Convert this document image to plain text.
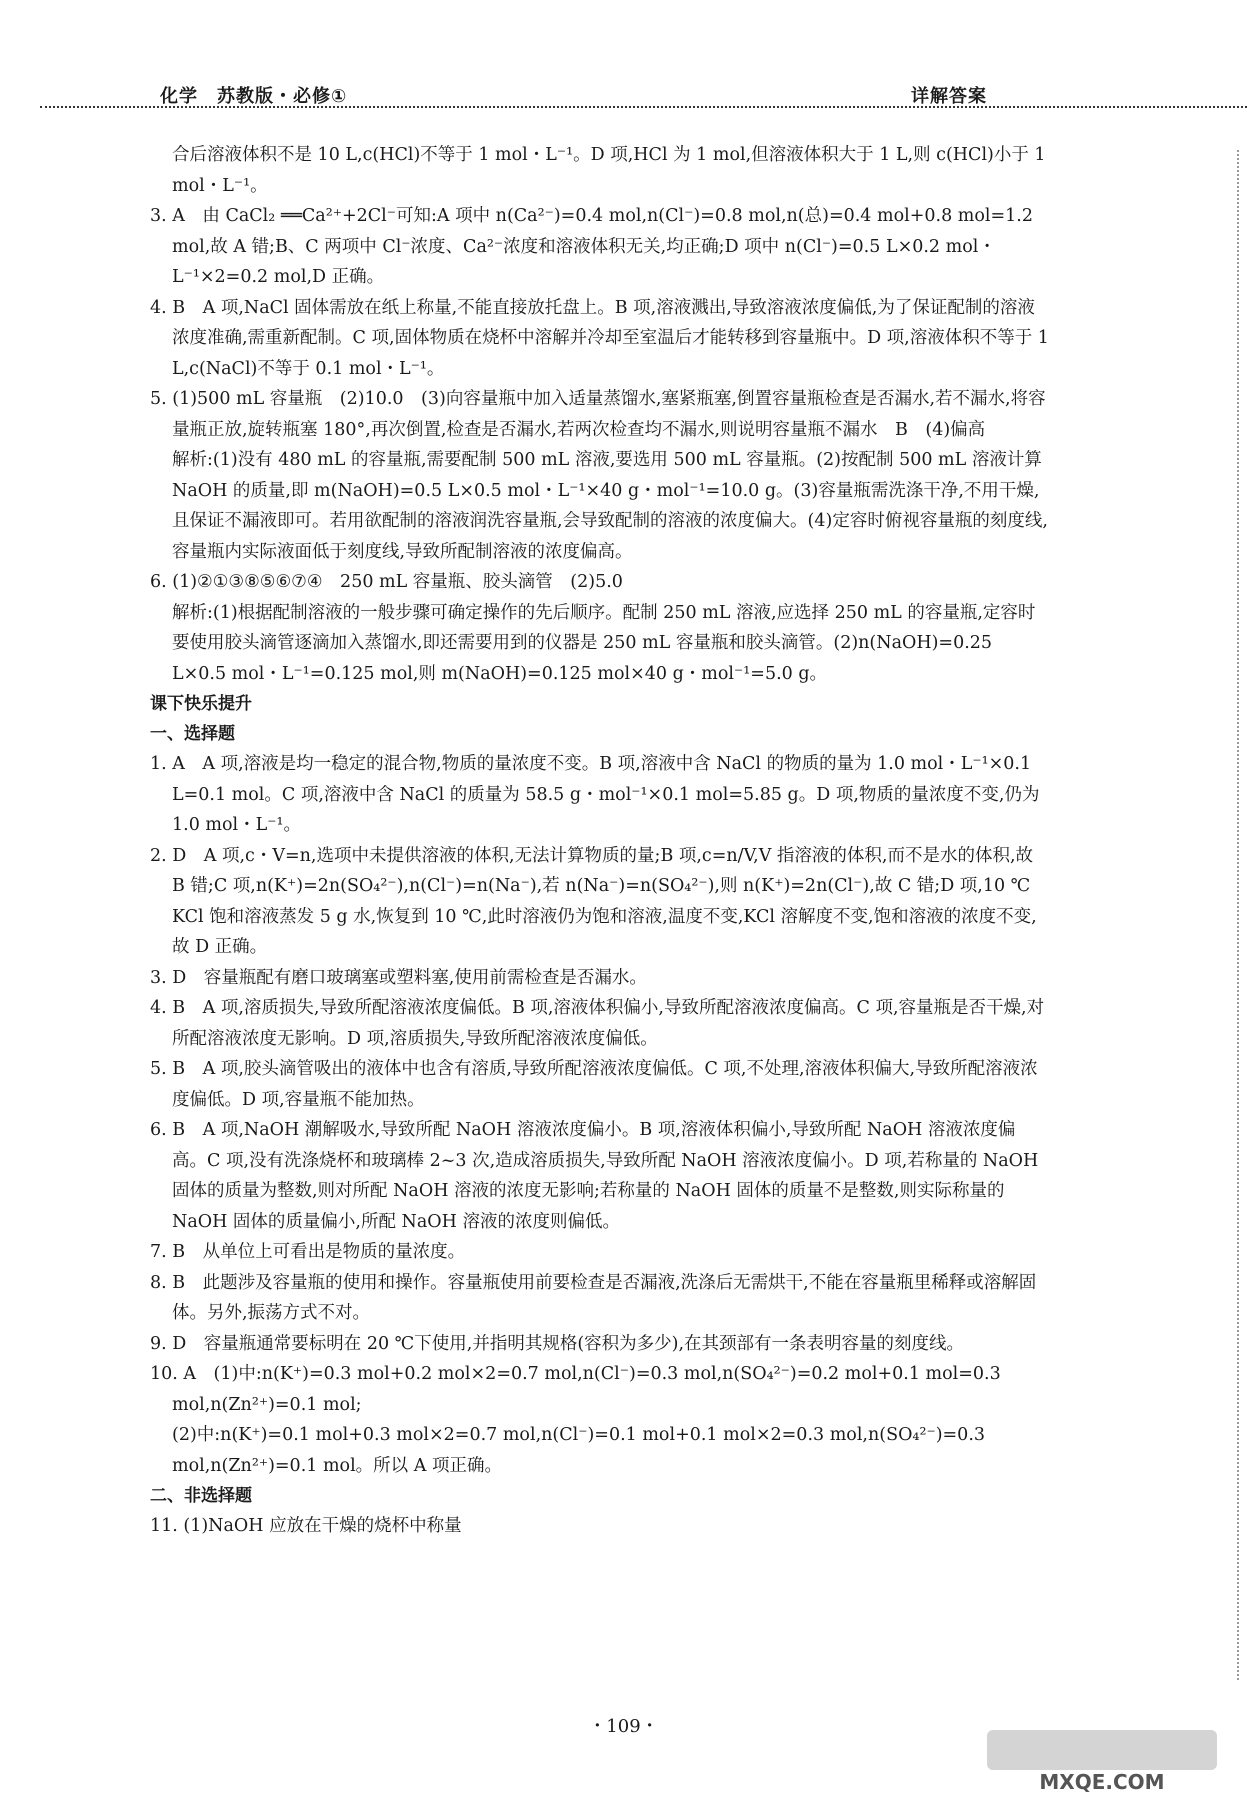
化学　苏教版・必修①	详解答案

合后溶液体积不是 10 L,c(HCl)不等于 1 mol・L⁻¹。D 项,HCl 为 1 mol,但溶液体积大于 1 L,则 c(HCl)小于 1 mol・L⁻¹。

3. A　由 CaCl₂ ══Ca²⁺+2Cl⁻可知:A 项中 n(Ca²⁻)=0.4 mol,n(Cl⁻)=0.8 mol,n(总)=0.4 mol+0.8 mol=1.2 mol,故 A 错;B、C 两项中 Cl⁻浓度、Ca²⁻浓度和溶液体积无关,均正确;D 项中 n(Cl⁻)=0.5 L×0.2 mol・L⁻¹×2=0.2 mol,D 正确。

4. B　A 项,NaCl 固体需放在纸上称量,不能直接放托盘上。B 项,溶液溅出,导致溶液浓度偏低,为了保证配制的溶液浓度准确,需重新配制。C 项,固体物质在烧杯中溶解并冷却至室温后才能转移到容量瓶中。D 项,溶液体积不等于 1 L,c(NaCl)不等于 0.1 mol・L⁻¹。

5. (1)500 mL 容量瓶　(2)10.0　(3)向容量瓶中加入适量蒸馏水,塞紧瓶塞,倒置容量瓶检查是否漏水,若不漏水,将容量瓶正放,旋转瓶塞 180°,再次倒置,检查是否漏水,若两次检查均不漏水,则说明容量瓶不漏水　B　(4)偏高

解析:(1)没有 480 mL 的容量瓶,需要配制 500 mL 溶液,要选用 500 mL 容量瓶。(2)按配制 500 mL 溶液计算 NaOH 的质量,即 m(NaOH)=0.5 L×0.5 mol・L⁻¹×40 g・mol⁻¹=10.0 g。(3)容量瓶需洗涤干净,不用干燥,且保证不漏液即可。若用欲配制的溶液润洗容量瓶,会导致配制的溶液的浓度偏大。(4)定容时俯视容量瓶的刻度线,容量瓶内实际液面低于刻度线,导致所配制溶液的浓度偏高。

6. (1)②①③⑧⑤⑥⑦④　250 mL 容量瓶、胶头滴管　(2)5.0

解析:(1)根据配制溶液的一般步骤可确定操作的先后顺序。配制 250 mL 溶液,应选择 250 mL 的容量瓶,定容时要使用胶头滴管逐滴加入蒸馏水,即还需要用到的仪器是 250 mL 容量瓶和胶头滴管。(2)n(NaOH)=0.25 L×0.5 mol・L⁻¹=0.125 mol,则 m(NaOH)=0.125 mol×40 g・mol⁻¹=5.0 g。

课下快乐提升

一、选择题

1. A　A 项,溶液是均一稳定的混合物,物质的量浓度不变。B 项,溶液中含 NaCl 的物质的量为 1.0 mol・L⁻¹×0.1 L=0.1 mol。C 项,溶液中含 NaCl 的质量为 58.5 g・mol⁻¹×0.1 mol=5.85 g。D 项,物质的量浓度不变,仍为 1.0 mol・L⁻¹。

2. D　A 项,c・V=n,选项中未提供溶液的体积,无法计算物质的量;B 项,c=n/V,V 指溶液的体积,而不是水的体积,故 B 错;C 项,n(K⁺)=2n(SO₄²⁻),n(Cl⁻)=n(Na⁻),若 n(Na⁻)=n(SO₄²⁻),则 n(K⁺)=2n(Cl⁻),故 C 错;D 项,10 ℃ KCl 饱和溶液蒸发 5 g 水,恢复到 10 ℃,此时溶液仍为饱和溶液,温度不变,KCl 溶解度不变,饱和溶液的浓度不变,故 D 正确。

3. D　容量瓶配有磨口玻璃塞或塑料塞,使用前需检查是否漏水。

4. B　A 项,溶质损失,导致所配溶液浓度偏低。B 项,溶液体积偏小,导致所配溶液浓度偏高。C 项,容量瓶是否干燥,对所配溶液浓度无影响。D 项,溶质损失,导致所配溶液浓度偏低。

5. B　A 项,胶头滴管吸出的液体中也含有溶质,导致所配溶液浓度偏低。C 项,不处理,溶液体积偏大,导致所配溶液浓度偏低。D 项,容量瓶不能加热。

6. B　A 项,NaOH 潮解吸水,导致所配 NaOH 溶液浓度偏小。B 项,溶液体积偏小,导致所配 NaOH 溶液浓度偏高。C 项,没有洗涤烧杯和玻璃棒 2~3 次,造成溶质损失,导致所配 NaOH 溶液浓度偏小。D 项,若称量的 NaOH 固体的质量为整数,则对所配 NaOH 溶液的浓度无影响;若称量的 NaOH 固体的质量不是整数,则实际称量的 NaOH 固体的质量偏小,所配 NaOH 溶液的浓度则偏低。

7. B　从单位上可看出是物质的量浓度。

8. B　此题涉及容量瓶的使用和操作。容量瓶使用前要检查是否漏液,洗涤后无需烘干,不能在容量瓶里稀释或溶解固体。另外,振荡方式不对。

9. D　容量瓶通常要标明在 20 ℃下使用,并指明其规格(容积为多少),在其颈部有一条表明容量的刻度线。

10. A　(1)中:n(K⁺)=0.3 mol+0.2 mol×2=0.7 mol,n(Cl⁻)=0.3 mol,n(SO₄²⁻)=0.2 mol+0.1 mol=0.3 mol,n(Zn²⁺)=0.1 mol;

(2)中:n(K⁺)=0.1 mol+0.3 mol×2=0.7 mol,n(Cl⁻)=0.1 mol+0.1 mol×2=0.3 mol,n(SO₄²⁻)=0.3 mol,n(Zn²⁺)=0.1 mol。所以 A 项正确。

二、非选择题

11. (1)NaOH 应放在干燥的烧杯中称量

・109・
MXQE.COM
